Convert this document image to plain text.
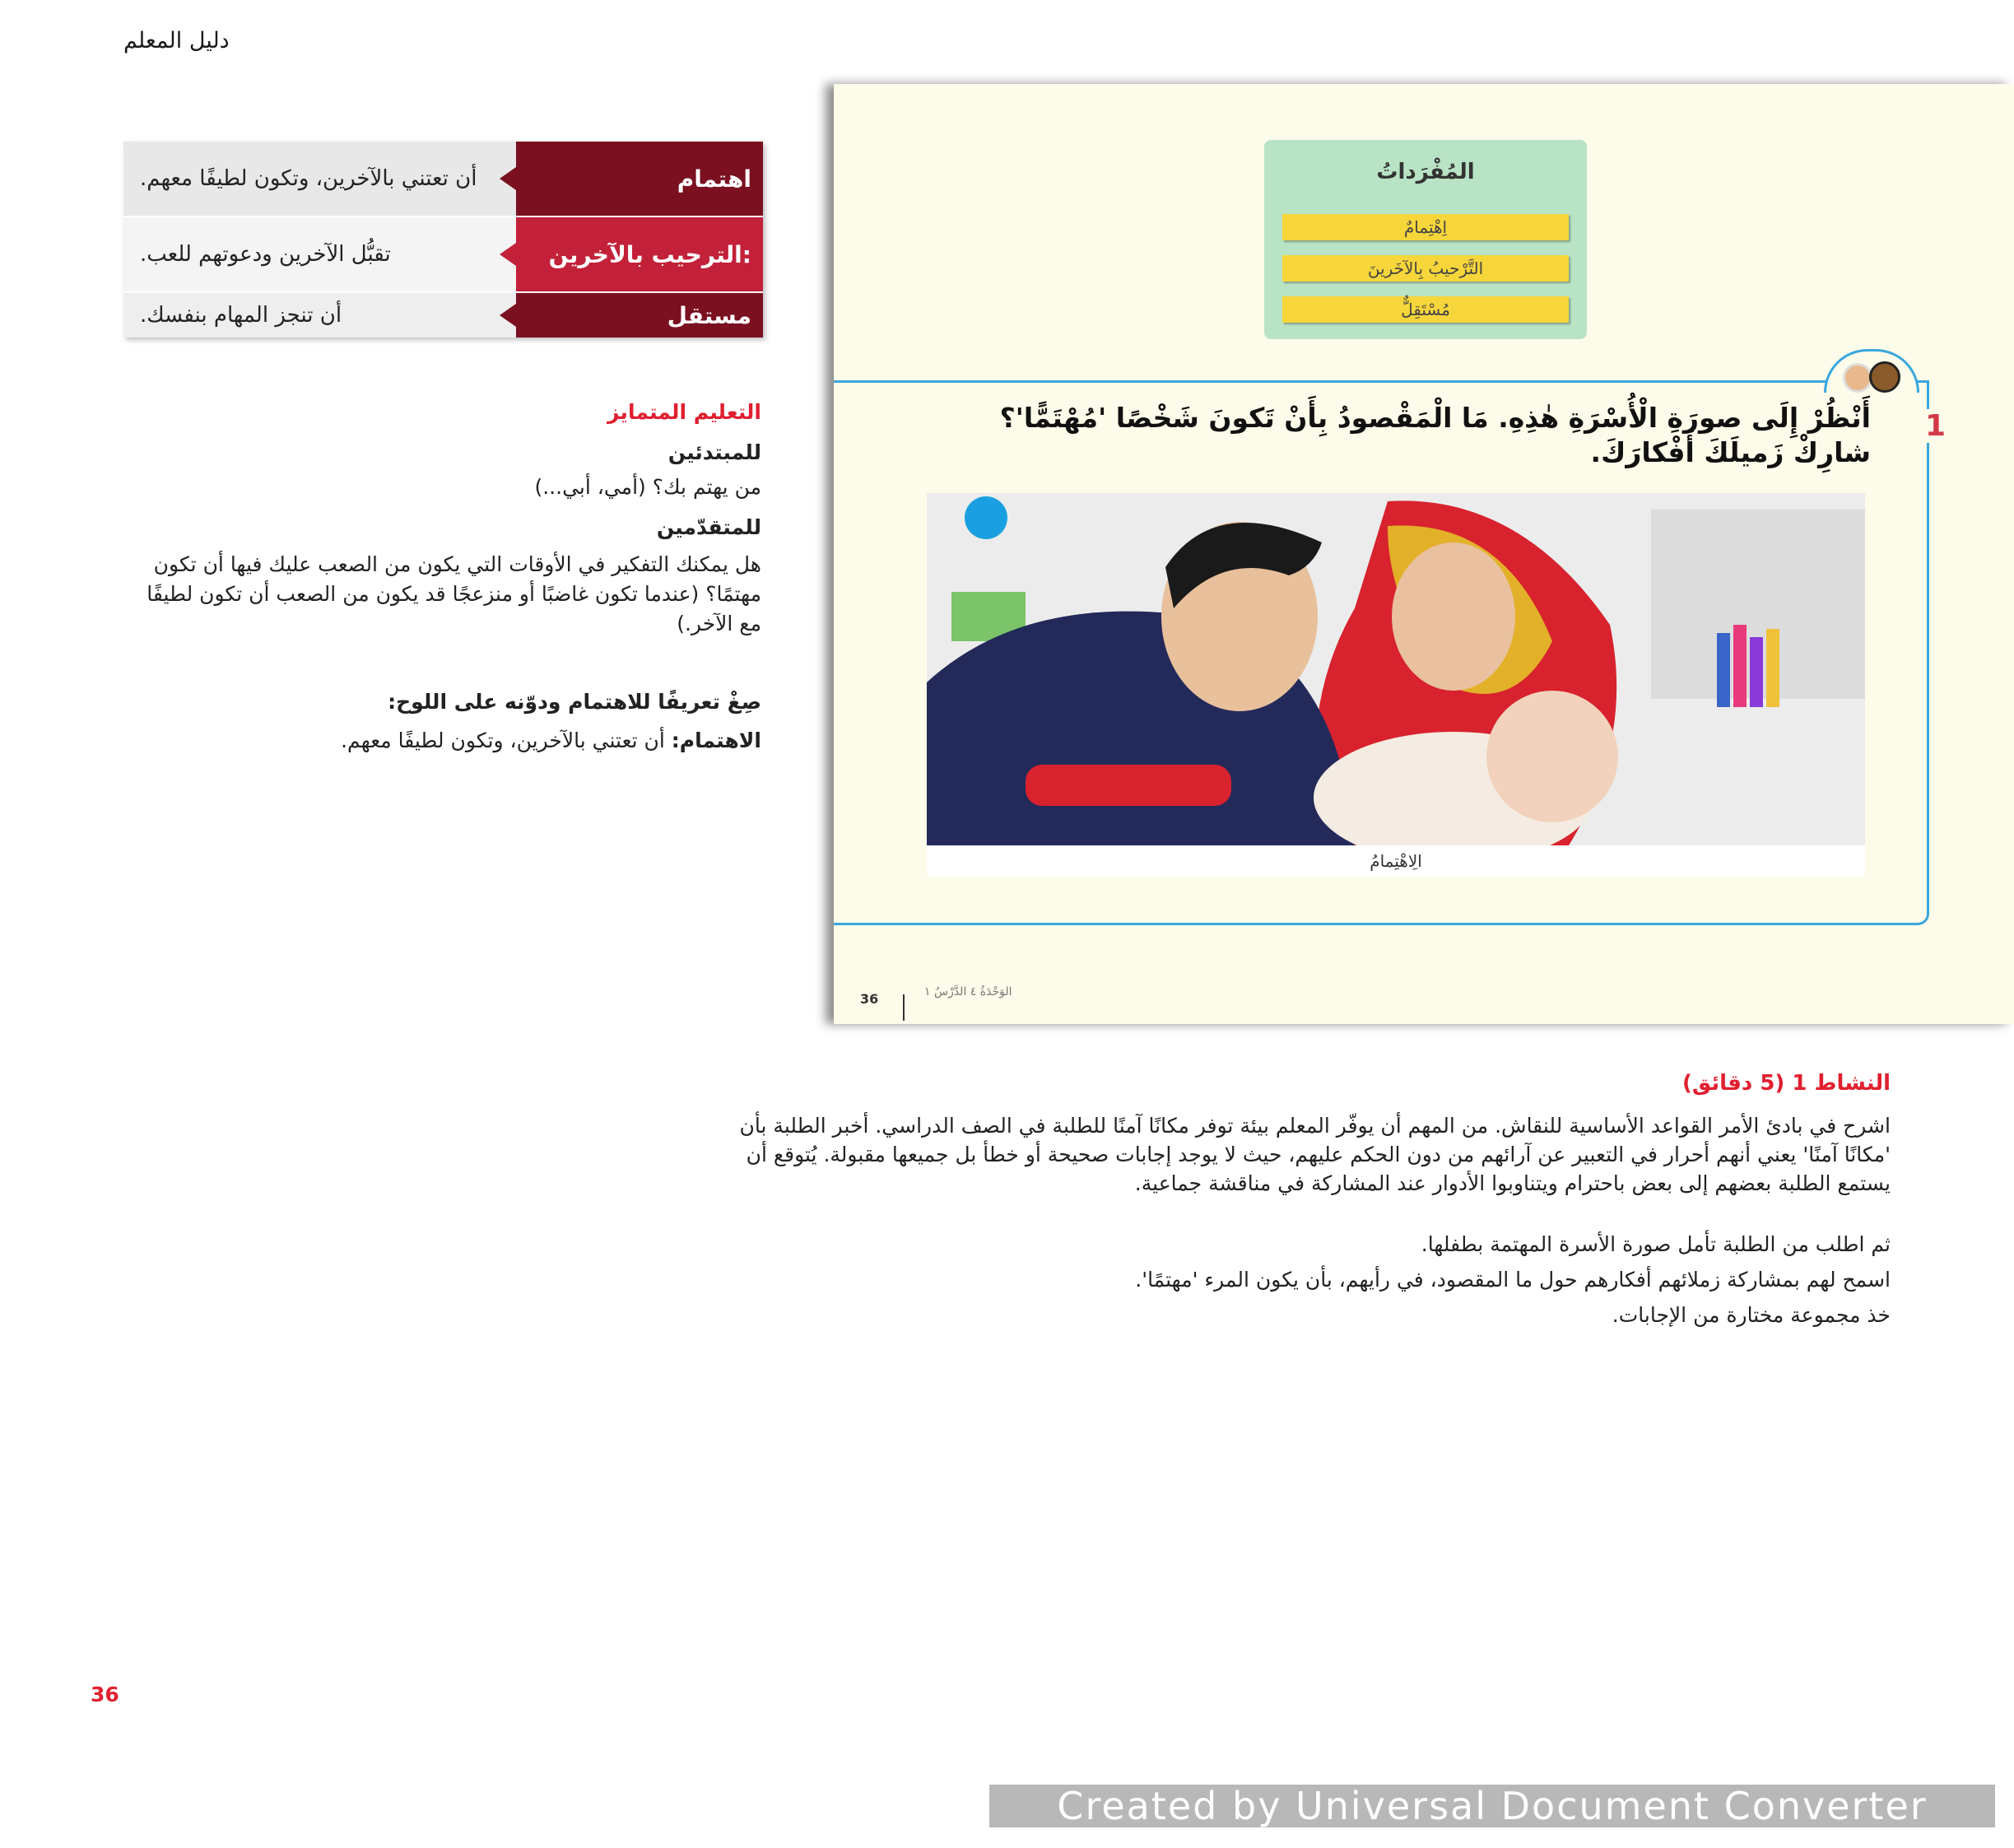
دليل المعلم
اهتمام
أن تعتني بالآخرين، وتكون لطيفًا معهم.
الترحيب بالآخرين:
تقبُّل الآخرين ودعوتهم للعب.
مستقل
أن تنجز المهام بنفسك.
التعليم المتمايز
للمبتدئين
من يهتم بك؟ (أمي، أبي...)
للمتقدّمين
هل يمكنك التفكير في الأوقات التي يكون من الصعب عليك فيها أن تكون مهتمًا؟ (عندما تكون غاضبًا أو منزعجًا قد يكون من الصعب أن تكون لطيفًا مع الآخر.)
صِغْ تعريفًا للاهتمام ودوّنه على اللوح:
الاهتمام: أن تعتني بالآخرين، وتكون لطيفًا معهم.
المُفْرَداتُ
اِهْتِمامٌ
التَّرْحيبُ بِالآخَرينَ
مُسْتَقِلٌّ
1
أَنْظُرْ إِلَى صورَةِ الْأُسْرَةِ هٰذِهِ. مَا الْمَقْصودُ بِأَنْ تَكونَ شَخْصًا 'مُهْتَمًّا'؟ شارِكْ زَميلَكَ أَفْكارَكَ.
الِاهْتِمامُ
36	الوَحْدَةُ ٤ الدَّرْسُ ١
النشاط 1 (5 دقائق)
اشرح في بادئ الأمر القواعد الأساسية للنقاش. من المهم أن يوفّر المعلم بيئة توفر مكانًا آمنًا للطلبة في الصف الدراسي. أخبر الطلبة بأن 'مكانًا آمنًا' يعني أنهم أحرار في التعبير عن آرائهم من دون الحكم عليهم، حيث لا يوجد إجابات صحيحة أو خطأ بل جميعها مقبولة. يُتوقع أن يستمع الطلبة بعضهم إلى بعض باحترام ويتناوبوا الأدوار عند المشاركة في مناقشة جماعية.
ثم اطلب من الطلبة تأمل صورة الأسرة المهتمة بطفلها.
اسمح لهم بمشاركة زملائهم أفكارهم حول ما المقصود، في رأيهم، بأن يكون المرء 'مهتمًا'.
خذ مجموعة مختارة من الإجابات.
36
Created by Universal Document Converter
